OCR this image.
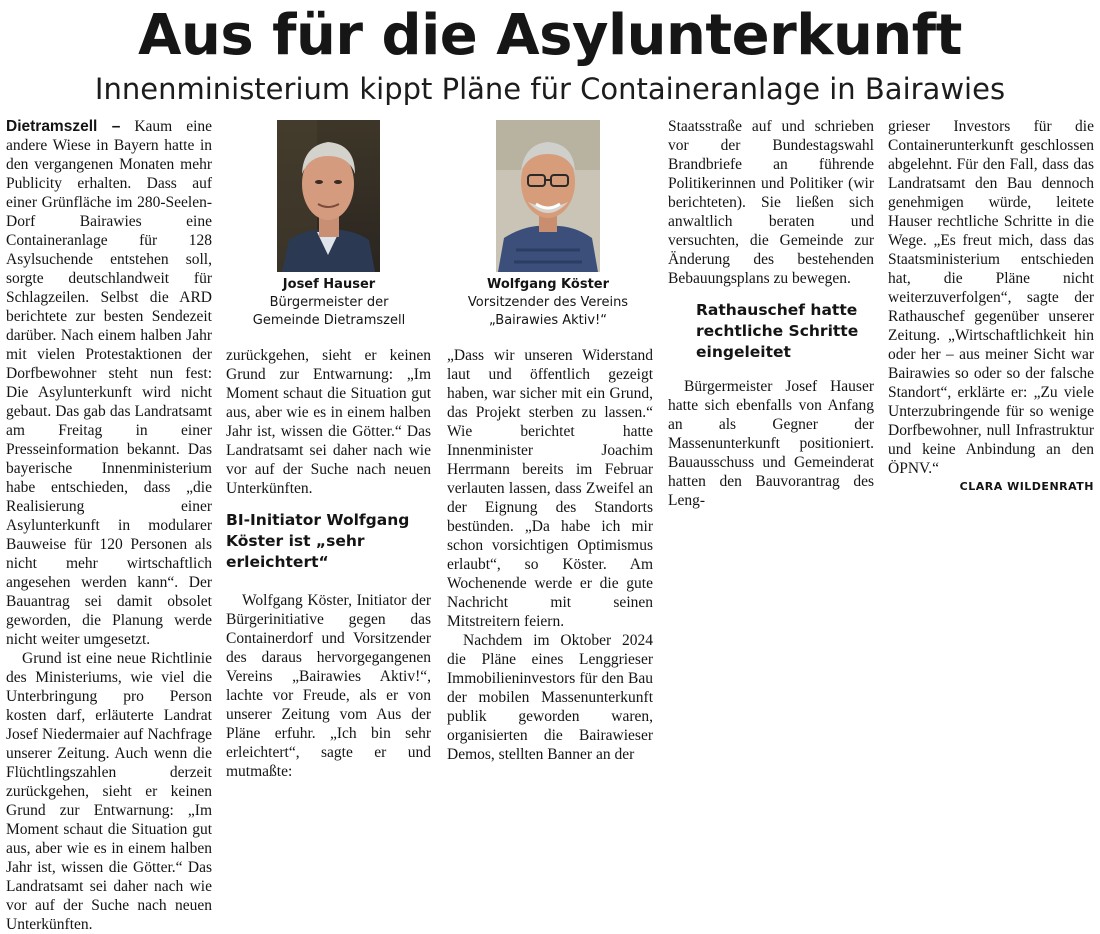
Aus für die Asylunterkunft
Innenministerium kippt Pläne für Containeranlage in Bairawies

Dietramszell – Kaum eine andere Wiese in Bayern hatte in den vergangenen Monaten mehr Publicity erhalten. Dass auf einer Grünfläche im 280-Seelen-Dorf Bairawies eine Containeranlage für 128 Asylsuchende entstehen soll, sorgte deutschlandweit für Schlagzeilen. Selbst die ARD berichtete zur besten Sendezeit darüber. Nach einem halben Jahr mit vielen Protestaktionen der Dorfbewohner steht nun fest: Die Asylunterkunft wird nicht gebaut. Das gab das Landratsamt am Freitag in einer Presseinformation bekannt. Das bayerische Innenministerium habe entschieden, dass „die Realisierung einer Asylunterkunft in modularer Bauweise für 120 Personen als nicht mehr wirtschaftlich angesehen werden kann“. Der Bauantrag sei damit obsolet geworden, die Planung werde nicht weiter umgesetzt.

Grund ist eine neue Richtlinie des Ministeriums, wie viel die Unterbringung pro Person kosten darf, erläuterte Landrat Josef Niedermaier auf Nachfrage unserer Zeitung. Auch wenn die Flüchtlingszahlen derzeit zurückgehen, sieht er keinen Grund zur Entwarnung: „Im Moment schaut die Situation gut aus, aber wie es in einem halben Jahr ist, wissen die Götter.“ Das Landratsamt sei daher nach wie vor auf der Suche nach neuen Unterkünften.

Josef Hauser
Bürgermeister der
Gemeinde Dietramszell
Wolfgang Köster
Vorsitzender des Vereins
„Bairawies Aktiv!“

zurückgehen, sieht er keinen Grund zur Entwarnung: „Im Moment schaut die Situation gut aus, aber wie es in einem halben Jahr ist, wissen die Götter.“ Das Landratsamt sei daher nach wie vor auf der Suche nach neuen Unterkünften.

BI-Initiator Wolfgang Köster ist „sehr erleichtert“

Wolfgang Köster, Initiator der Bürgerinitiative gegen das Containerdorf und Vorsitzender des daraus hervorgegangenen Vereins „Bairawies Aktiv!“, lachte vor Freude, als er von unserer Zeitung vom Aus der Pläne erfuhr. „Ich bin sehr erleichtert“, sagte er und mutmaßte:

„Dass wir unseren Widerstand laut und öffentlich gezeigt haben, war sicher mit ein Grund, das Projekt sterben zu lassen.“ Wie berichtet hatte Innenminister Joachim Herrmann bereits im Februar verlauten lassen, dass Zweifel an der Eignung des Standorts bestünden. „Da habe ich mir schon vorsichtigen Optimismus erlaubt“, so Köster. Am Wochenende werde er die gute Nachricht mit seinen Mitstreitern feiern.

Nachdem im Oktober 2024 die Pläne eines Lenggrieser Immobilieninvestors für den Bau der mobilen Massenunterkunft publik geworden waren, organisierten die Bairawieser Demos, stellten Banner an der

Staatsstraße auf und schrieben vor der Bundestagswahl Brandbriefe an führende Politikerinnen und Politiker (wir berichteten). Sie ließen sich anwaltlich beraten und versuchten, die Gemeinde zur Änderung des bestehenden Bebauungsplans zu bewegen.

Rathauschef hatte rechtliche Schritte eingeleitet

Bürgermeister Josef Hauser hatte sich ebenfalls von Anfang an als Gegner der Massenunterkunft positioniert. Bauausschuss und Gemeinderat hatten den Bauvorantrag des Leng-

grieser Investors für die Containerunterkunft geschlossen abgelehnt. Für den Fall, dass das Landratsamt den Bau dennoch genehmigen würde, leitete Hauser rechtliche Schritte in die Wege. „Es freut mich, dass das Staatsministerium entschieden hat, die Pläne nicht weiterzuverfolgen“, sagte der Rathauschef gegenüber unserer Zeitung. „Wirtschaftlichkeit hin oder her – aus meiner Sicht war Bairawies so oder so der falsche Standort“, erklärte er: „Zu viele Unterzubringende für so wenige Dorfbewohner, null Infrastruktur und keine Anbindung an den ÖPNV.“

CLARA WILDENRATH
